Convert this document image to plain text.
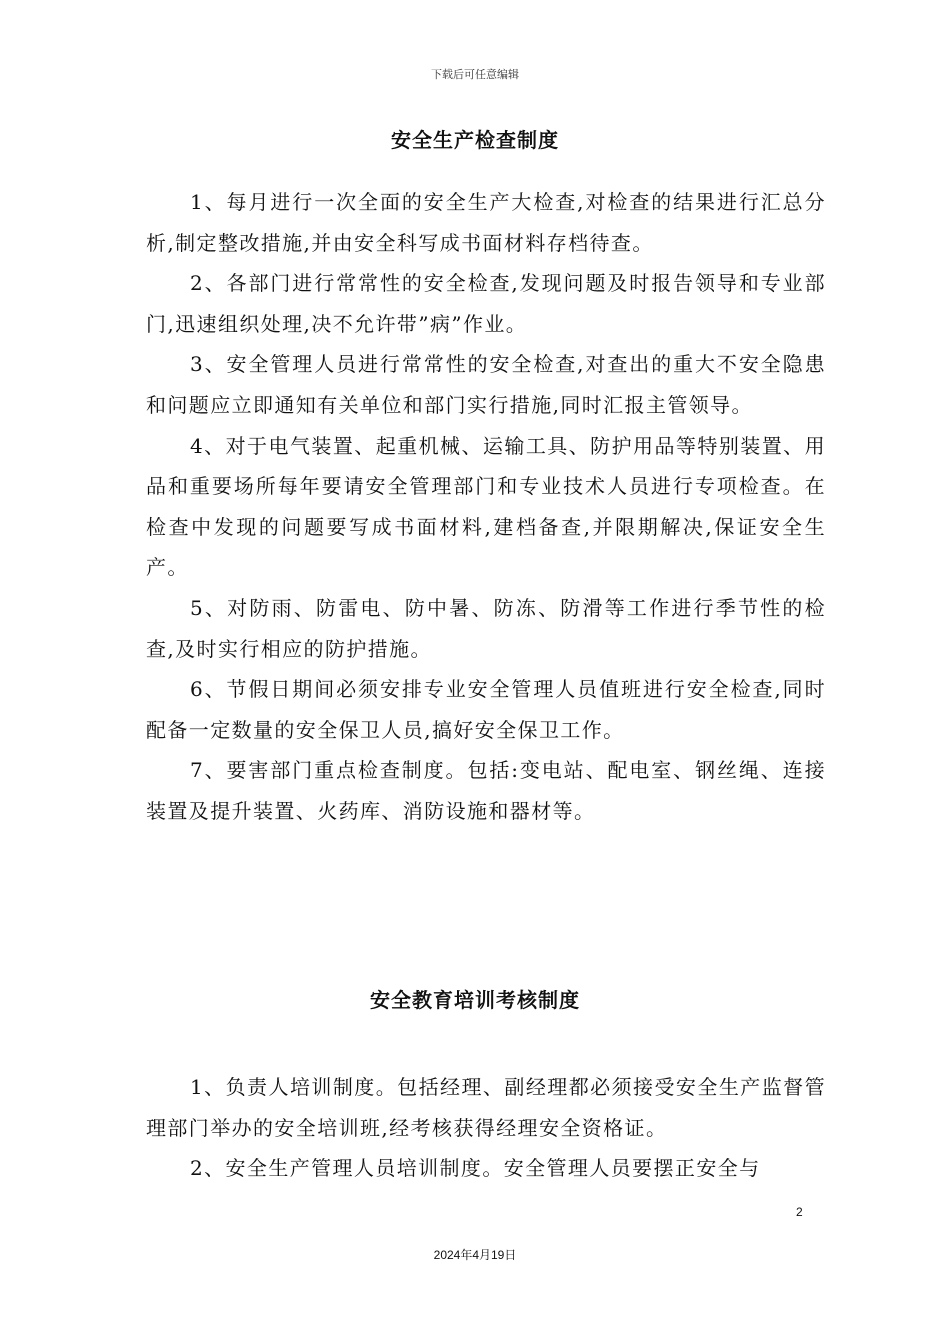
下载后可任意编辑
安全生产检查制度

1、每月进行一次全面的安全生产大检查,对检查的结果进行汇总分析,制定整改措施,并由安全科写成书面材料存档待查。

2、各部门进行常常性的安全检查,发现问题及时报告领导和专业部门,迅速组织处理,决不允许带”病”作业。

3、安全管理人员进行常常性的安全检查,对查出的重大不安全隐患和问题应立即通知有关单位和部门实行措施,同时汇报主管领导。

4、对于电气装置、起重机械、运输工具、防护用品等特别装置、用品和重要场所每年要请安全管理部门和专业技术人员进行专项检查。在检查中发现的问题要写成书面材料,建档备查,并限期解决,保证安全生产。

5、对防雨、防雷电、防中暑、防冻、防滑等工作进行季节性的检查,及时实行相应的防护措施。

6、节假日期间必须安排专业安全管理人员值班进行安全检查,同时配备一定数量的安全保卫人员,搞好安全保卫工作。

7、要害部门重点检查制度。包括:变电站、配电室、钢丝绳、连接装置及提升装置、火药库、消防设施和器材等。

安全教育培训考核制度

1、负责人培训制度。包括经理、副经理都必须接受安全生产监督管理部门举办的安全培训班,经考核获得经理安全资格证。

2、安全生产管理人员培训制度。安全管理人员要摆正安全与

2
2024年4月19日
